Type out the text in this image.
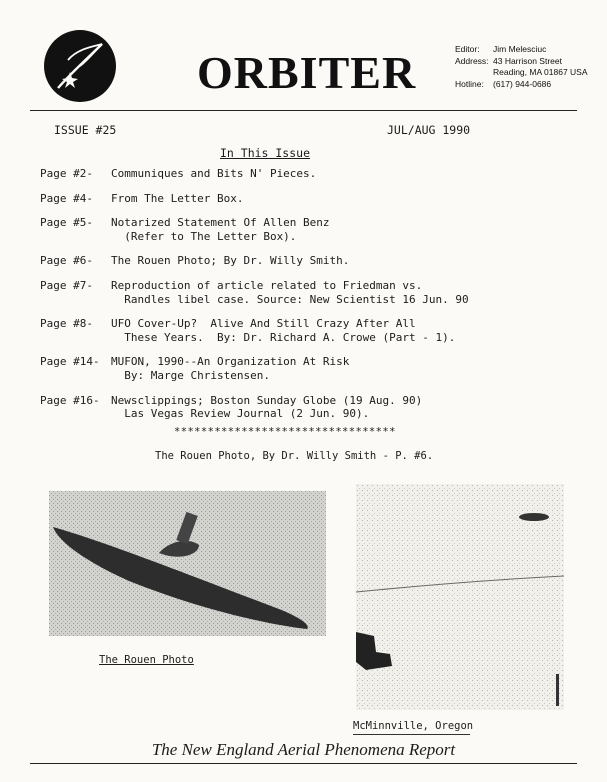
ORBITER	Editor:	Jim Melesciuc
Address: 43 Harrison Street
Reading, MA 01867 USA
Hotline:	(617) 944-0686
ISSUE #25	JUL/AUG 1990
In This Issue
Page #2-	Communiques and Bits N' Pieces.
Page #4-	From The Letter Box.
Page #5-	Notarized Statement Of Allen Benz
(Refer to The Letter Box).
Page #6-	The Rouen Photo; By Dr. Willy Smith.
Page #7-	Reproduction of article related to Friedman vs.
Randles libel case. Source: New Scientist 16 Jun. 90
Page #8-	UFO Cover-Up?  Alive And Still Crazy After All
These Years.  By: Dr. Richard A. Crowe (Part - 1).
Page #14-	MUFON, 1990--An Organization At Risk
By: Marge Christensen.
Page #16-	Newsclippings; Boston Sunday Globe (19 Aug. 90)
Las Vegas Review Journal (2 Jun. 90).
*********************************
The Rouen Photo, By Dr. Willy Smith - P. #6.
The Rouen Photo
McMinnville, Oregon
The New England Aerial Phenomena Report
